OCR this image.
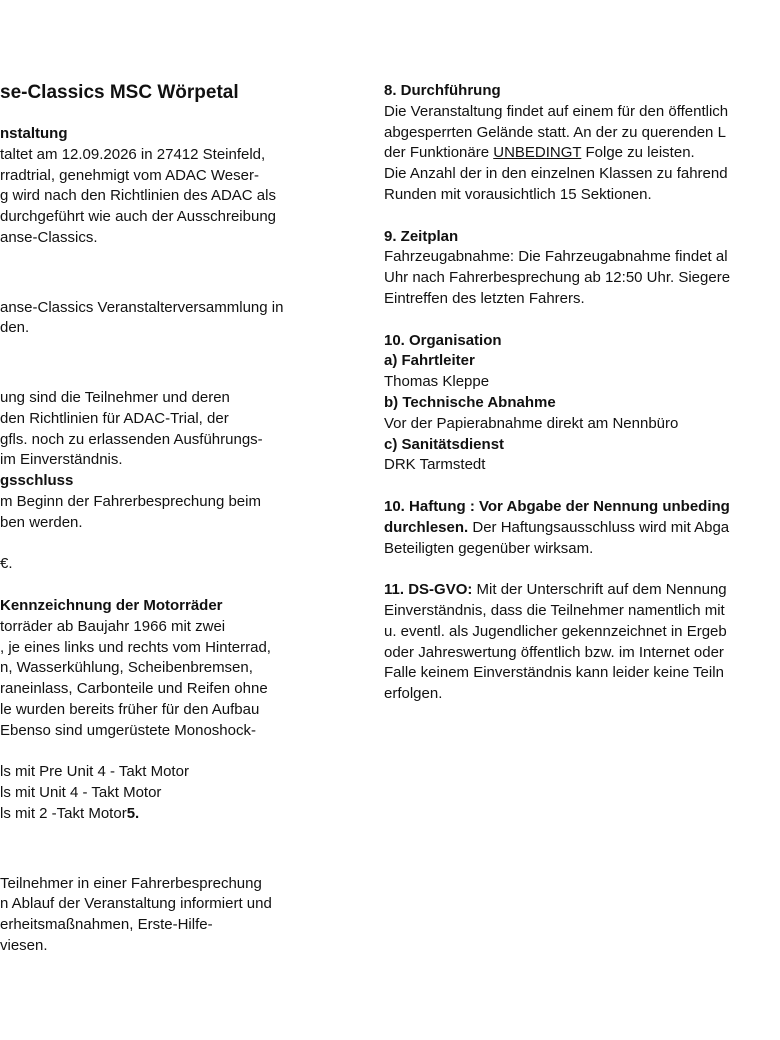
se-Classics MSC Wörpetal
nstaltung
taltet am 12.09.2026 in 27412 Steinfeld,
rradtrial, genehmigt vom ADAC Weser-
g wird nach den Richtlinien des ADAC als
durchgeführt wie auch der Ausschreibung
anse-Classics.
anse-Classics Veranstalterversammlung in
den.
ung sind die Teilnehmer und deren
den Richtlinien für ADAC-Trial, der
gfls. noch zu erlassenden Ausführungs-
im Einverständnis.
gsschluss
m Beginn der Fahrerbesprechung beim
ben werden.
€.
Kennzeichnung der Motorräder
torräder ab Baujahr 1966 mit zwei
, je eines links und rechts vom Hinterrad,
n, Wasserkühlung, Scheibenbremsen,
raneinlass, Carbonteile und Reifen ohne
le wurden bereits früher für den Aufbau
Ebenso sind umgerüstete Monoshock-
ls mit Pre Unit 4 - Takt Motor
ls mit Unit 4 - Takt Motor
ls mit 2 -Takt Motor5.
Teilnehmer in einer Fahrerbesprechung
n Ablauf der Veranstaltung informiert und
erheitsmaßnahmen, Erste-Hilfe-
viesen.
8. Durchführung
Die Veranstaltung findet auf einem für den öffentlich
abgesperrten Gelände statt. An der zu querenden L
der Funktionäre UNBEDINGT Folge zu leisten.
Die Anzahl der in den einzelnen Klassen zu fahrend
Runden mit vorausichtlich 15 Sektionen.
9. Zeitplan
Fahrzeugabnahme: Die Fahrzeugabnahme findet al
Uhr nach Fahrerbesprechung ab 12:50 Uhr. Siegere
Eintreffen des letzten Fahrers.
10. Organisation
a) Fahrtleiter
Thomas Kleppe
b) Technische Abnahme
Vor der Papierabnahme direkt am Nennbüro
c) Sanitätsdienst
DRK Tarmstedt
10. Haftung : Vor Abgabe der Nennung unbeding
durchlesen. Der Haftungsausschluss wird mit Abga
Beteiligten gegenüber wirksam.
11. DS-GVO: Mit der Unterschrift auf dem Nennung
Einverständnis, dass die Teilnehmer namentlich mit
u. eventl. als Jugendlicher gekennzeichnet in Ergeb
oder Jahreswertung öffentlich bzw. im Internet oder
Falle keinem Einverständnis kann leider keine Teiln
erfolgen.
